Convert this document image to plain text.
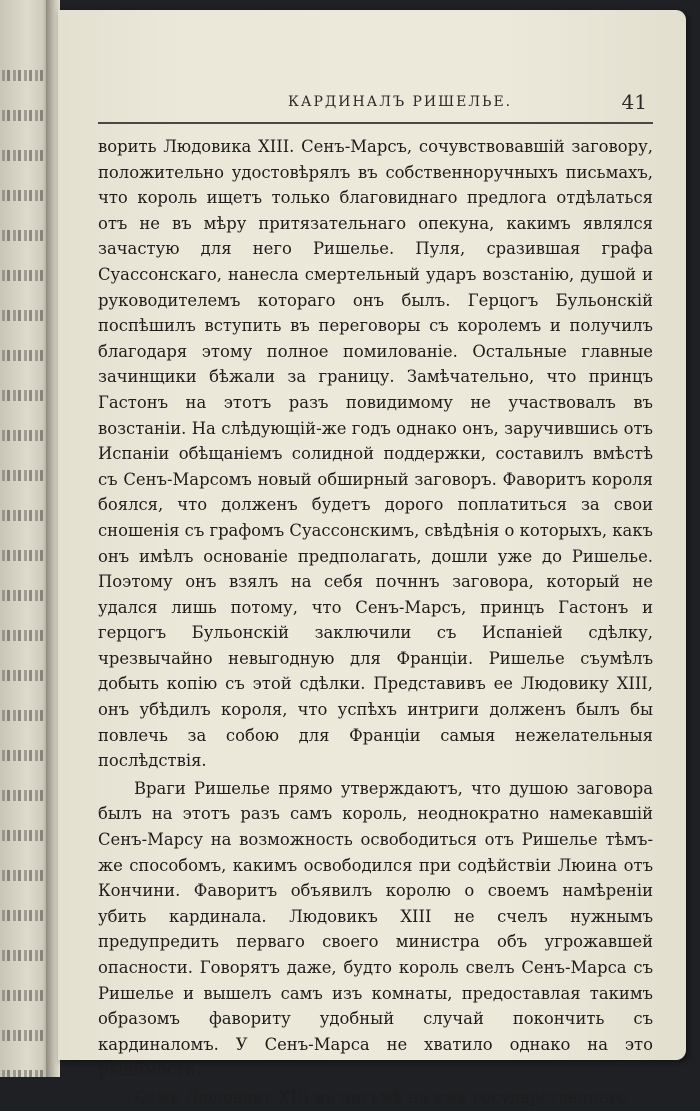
КАРДИНАЛЪ РИШЕЛЬЕ.	41

ворить Людовика XIII. Сенъ-Марсъ, сочувствовавшій заговору, положительно удостовѣрялъ въ собственноручныхъ письмахъ, что король ищетъ только благовиднаго предлога отдѣлаться отъ не въ мѣру притязательнаго опекуна, какимъ являлся зачастую для него Ришелье. Пуля, сразившая графа Суассонскаго, нанесла смертельный ударъ возстанію, душой и руководителемъ котораго онъ былъ. Герцогъ Бульонскій поспѣшилъ вступить въ переговоры съ королемъ и получилъ благодаря этому полное помилованіе. Остальные главные зачинщики бѣжали за границу. Замѣчательно, что принцъ Гастонъ на этотъ разъ повидимому не участвовалъ въ возстаніи. На слѣдующій-же годъ однако онъ, заручившись отъ Испаніи обѣщаніемъ солидной поддержки, составилъ вмѣстѣ съ Сенъ-Марсомъ новый обширный заговоръ. Фаворитъ короля боялся, что долженъ будетъ дорого поплатиться за свои сношенія съ графомъ Суассонскимъ, свѣдѣнія о которыхъ, какъ онъ имѣлъ основаніе предполагать, дошли уже до Ришелье. Поэтому онъ взялъ на себя почннъ заговора, который не удался лишь потому, что Сенъ-Марсъ, принцъ Гастонъ и герцогъ Бульонскій заключили съ Испаніей сдѣлку, чрезвычайно невыгодную для Франціи. Ришелье съумѣлъ добыть копію съ этой сдѣлки. Представивъ ее Людовику XIII, онъ убѣдилъ короля, что успѣхъ интриги долженъ былъ бы повлечь за собою для Франціи самыя нежелательныя послѣдствія.

Враги Ришелье прямо утверждаютъ, что душою заговора былъ на этотъ разъ самъ король, неоднократно намекавшій Сенъ-Марсу на возможность освободиться отъ Ришелье тѣмъ-же способомъ, какимъ освободился при содѣйствіи Люина отъ Кончини. Фаворитъ объявилъ королю о своемъ намѣреніи убить кардинала. Людовикъ XIII не счелъ нужнымъ предупредить перваго своего министра объ угрожавшей опасности. Говорятъ даже, будто король свелъ Сенъ-Марса съ Ришелье и вышелъ самъ изъ комнаты, предоставлая такимъ образомъ фавориту удобный случай покончить съ кардиналомъ. У Сенъ-Марса не хватило однако на это рѣшимости.

Самъ Людовикъ XIII въ письмѣ на имя государственнаго
